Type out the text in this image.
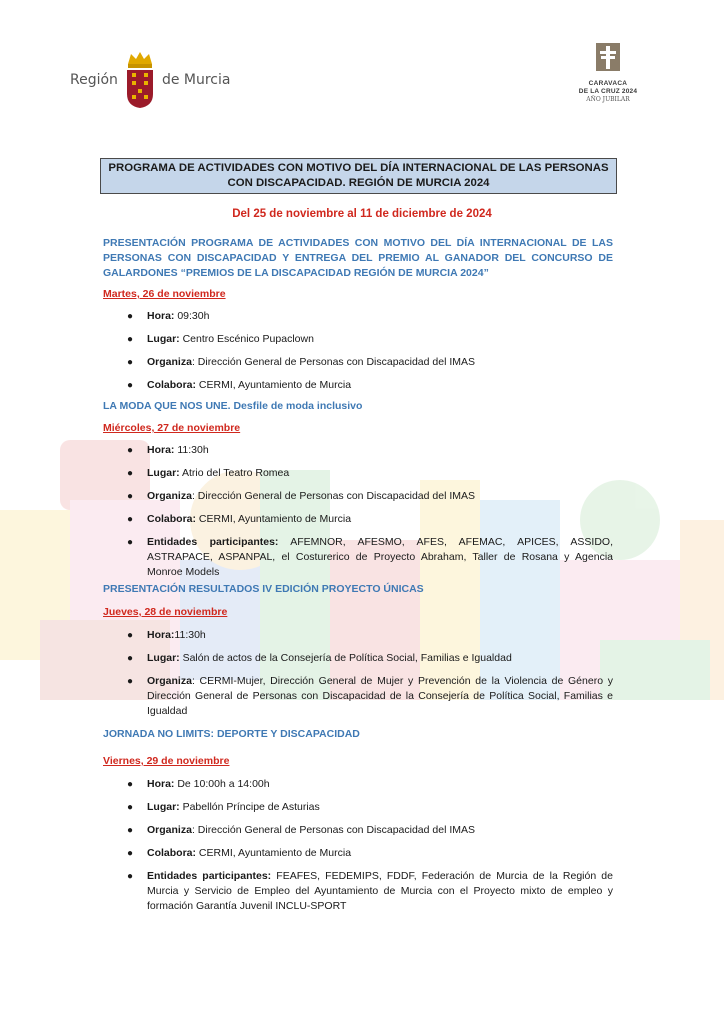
Región	de Murcia	CARAVACA
DE LA CRUZ 2024
AÑO JUBILAR
PROGRAMA DE ACTIVIDADES CON MOTIVO DEL DÍA INTERNACIONAL DE LAS PERSONAS
CON DISCAPACIDAD. REGIÓN DE MURCIA 2024
Del 25 de noviembre al 11 de diciembre de 2024
PRESENTACIÓN PROGRAMA DE ACTIVIDADES CON MOTIVO DEL DÍA INTERNACIONAL DE LAS PERSONAS CON DISCAPACIDAD Y ENTREGA DEL PREMIO AL GANADOR DEL CONCURSO DE GALARDONES “PREMIOS DE LA DISCAPACIDAD REGIÓN DE MURCIA 2024”
Martes, 26 de noviembre
● Hora: 09:30h
● Lugar: Centro Escénico Pupaclown
● Organiza: Dirección General de Personas con Discapacidad del IMAS
● Colabora: CERMI, Ayuntamiento de Murcia
LA MODA QUE NOS UNE. Desfile de moda inclusivo
Miércoles, 27 de noviembre
● Hora: 11:30h
● Lugar: Atrio del Teatro Romea
● Organiza: Dirección General de Personas con Discapacidad del IMAS
● Colabora: CERMI, Ayuntamiento de Murcia
● Entidades participantes: AFEMNOR, AFESMO, AFES, AFEMAC, APICES, ASSIDO, ASTRAPACE, ASPANPAL, el Costurerico de Proyecto Abraham, Taller de Rosana y Agencia Monroe Models
PRESENTACIÓN RESULTADOS IV EDICIÓN PROYECTO ÚNICAS
Jueves, 28 de noviembre
● Hora:11:30h
● Lugar: Salón de actos de la Consejería de Política Social, Familias e Igualdad
● Organiza: CERMI-Mujer, Dirección General de Mujer y Prevención de la Violencia de Género y Dirección General de Personas con Discapacidad de la Consejería de Política Social, Familias e Igualdad
JORNADA NO LIMITS: DEPORTE Y DISCAPACIDAD
Viernes, 29 de noviembre
● Hora: De 10:00h a 14:00h
● Lugar: Pabellón Príncipe de Asturias
● Organiza: Dirección General de Personas con Discapacidad del IMAS
● Colabora: CERMI, Ayuntamiento de Murcia
● Entidades participantes: FEAFES, FEDEMIPS, FDDF, Federación de Murcia de la Región de Murcia y Servicio de Empleo del Ayuntamiento de Murcia con el Proyecto mixto de empleo y formación Garantía Juvenil INCLU-SPORT
